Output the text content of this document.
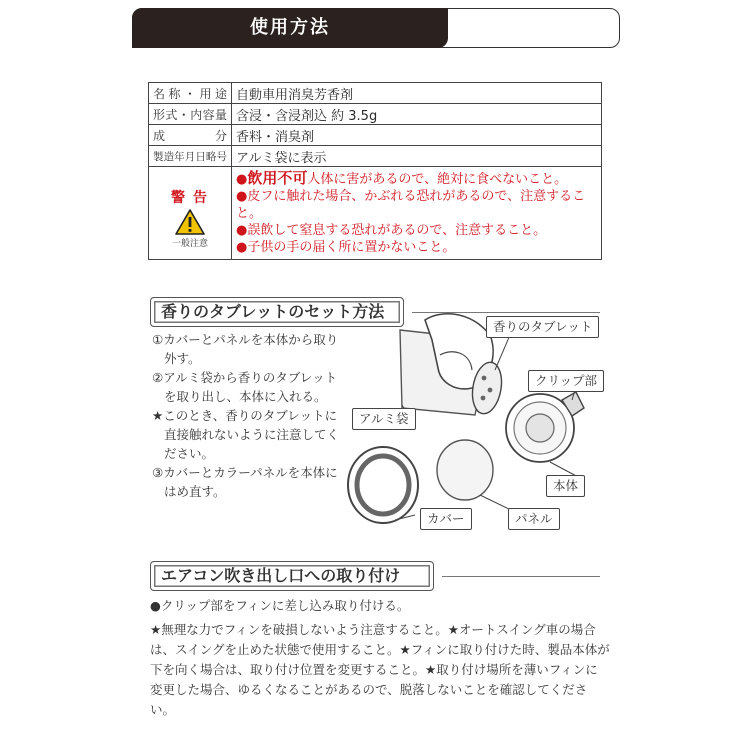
使用方法
名称・用途	自動車用消臭芳香剤
形式・内容量	含浸・含浸剤込 約 3.5g
成　分	香料・消臭剤
製造年月日略号	アルミ袋に表示
警告
一般注意	●飲用不可人体に害があるので、絶対に食べないこと。
●皮フに触れた場合、かぶれる恐れがあるので、注意すること。
●誤飲して窒息する恐れがあるので、注意すること。
●子供の手の届く所に置かないこと。
香りのタブレットのセット方法
①カバーとパネルを本体から取り外す。
②アルミ袋から香りのタブレットを取り出し、本体に入れる。
★このとき、香りのタブレットに直接触れないように注意してください。
③カバーとカラーパネルを本体にはめ直す。
香りのタブレット
クリップ部
アルミ袋
本体
カバー	パネル
エアコン吹き出し口への取り付け
●クリップ部をフィンに差し込み取り付ける。
★無理な力でフィンを破損しないよう注意すること。★オートスイング車の場合は、スイングを止めた状態で使用すること。★フィンに取り付けた時、製品本体が下を向く場合は、取り付け位置を変更すること。★取り付け場所を薄いフィンに変更した場合、ゆるくなることがあるので、脱落しないことを確認してください。
